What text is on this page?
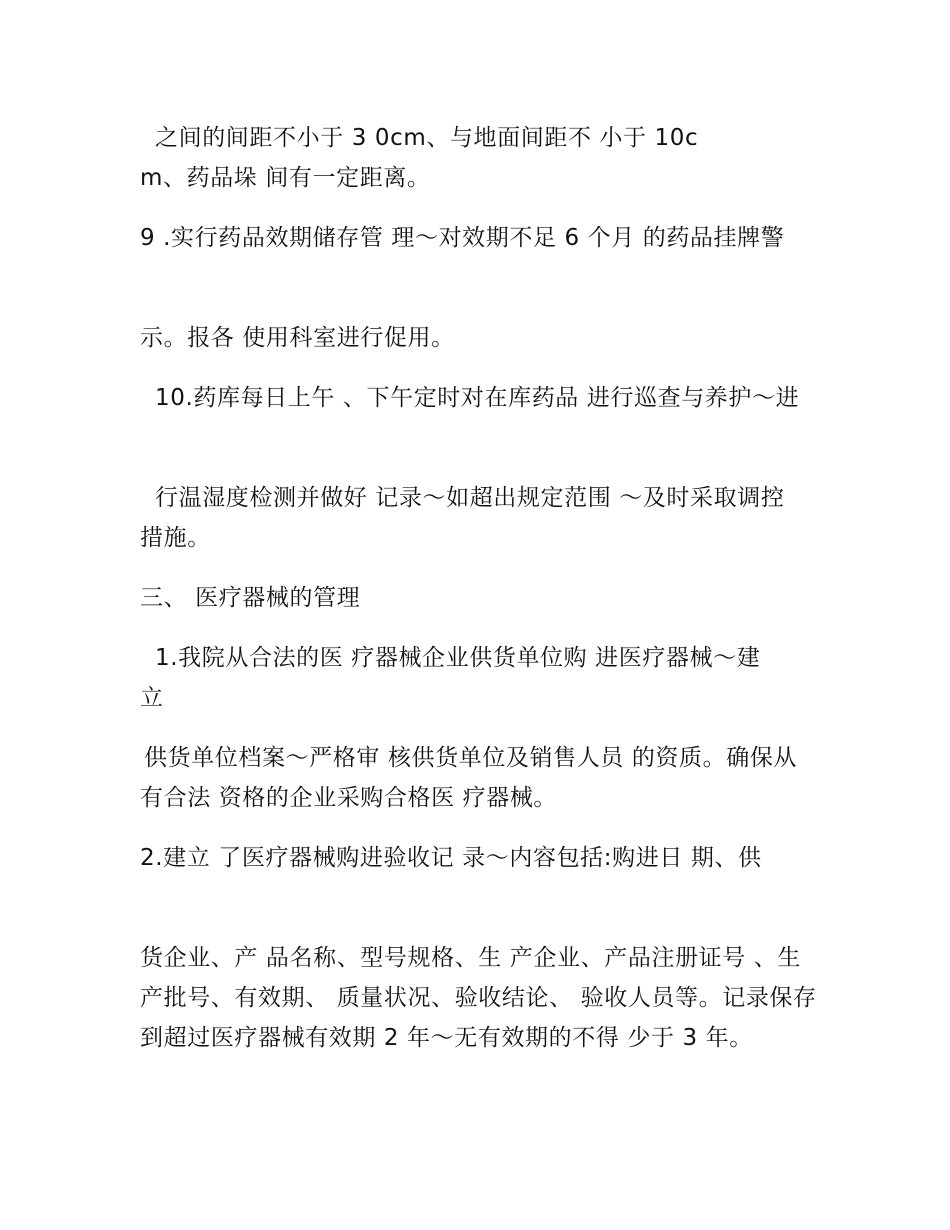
之间的间距不小于 3 0cm、与地面间距不 小于 10cm、药品垛 间有一定距离。

9 .实行药品效期储存管 理～对效期不足 6 个月 的药品挂牌警

示。报各 使用科室进行促用。

10.药库每日上午 、下午定时对在库药品 进行巡查与养护～进

行温湿度检测并做好 记录～如超出规定范围 ～及时采取调控措施。

三、 医疗器械的管理

1.我院从合法的医 疗器械企业供货单位购 进医疗器械～建立

供货单位档案～严格审 核供货单位及销售人员 的资质。确保从有合法 资格的企业采购合格医 疗器械。

2.建立 了医疗器械购进验收记 录～内容包括:购进日 期、供

货企业、产 品名称、型号规格、生 产企业、产品注册证号 、生产批号、有效期、 质量状况、验收结论、 验收人员等。记录保存 到超过医疗器械有效期 2 年～无有效期的不得 少于 3 年。
